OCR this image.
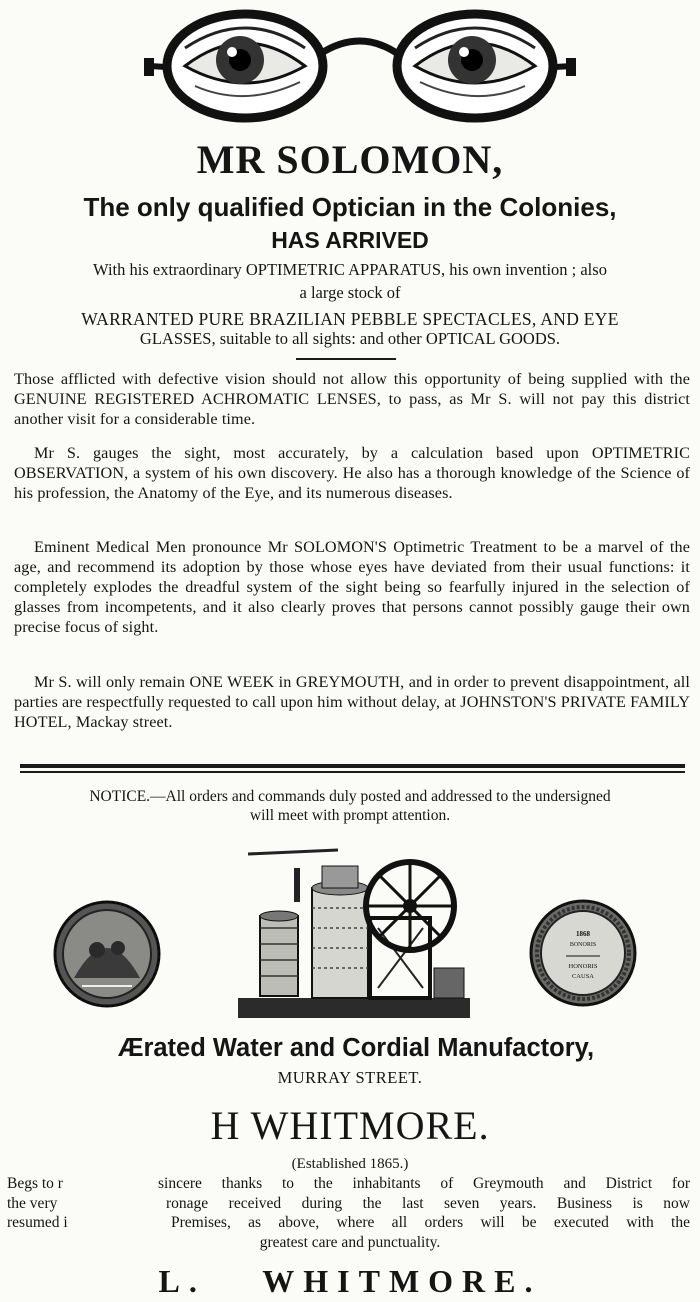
MR SOLOMON,
The only qualified Optician in the Colonies,
HAS ARRIVED
With his extraordinary OPTIMETRIC APPARATUS, his own invention ; also
a large stock of
WARRANTED PURE BRAZILIAN PEBBLE SPECTACLES, AND EYE
GLASSES, suitable to all sights: and other OPTICAL GOODS.
Those afflicted with defective vision should not allow this opportunity of being supplied with the GENUINE REGISTERED ACHROMATIC LENSES, to pass, as Mr S. will not pay this district another visit for a considerable time.
Mr S. gauges the sight, most accurately, by a calculation based upon OPTIMETRIC OBSERVATION, a system of his own discovery. He also has a thorough knowledge of the Science of his profession, the Anatomy of the Eye, and its numerous diseases.
Eminent Medical Men pronounce Mr SOLOMON'S Optimetric Treatment to be a marvel of the age, and recommend its adoption by those whose eyes have deviated from their usual functions: it completely explodes the dreadful system of the sight being so fearfully injured in the selection of glasses from incompetents, and it also clearly proves that persons cannot possibly gauge their own precise focus of sight.
Mr S. will only remain ONE WEEK in GREYMOUTH, and in order to prevent disappointment, all parties are respectfully requested to call upon him without delay, at JOHNSTON'S PRIVATE FAMILY HOTEL, Mackay street.
NOTICE.—All orders and commands duly posted and addressed to the undersigned
will meet with prompt attention.
1868
BONORIS
HONORIS
CAUSA
Ærated Water and Cordial Manufactory,
MURRAY STREET.
H WHITMORE.
(Established 1865.)
Begs to r
the very
resumed i
sincere thanks to the inhabitants of Greymouth and District for
ronage received during the last seven years. Business is now
Premises, as above, where all orders will be executed with the
greatest care and punctuality.
L. WHITMORE.
